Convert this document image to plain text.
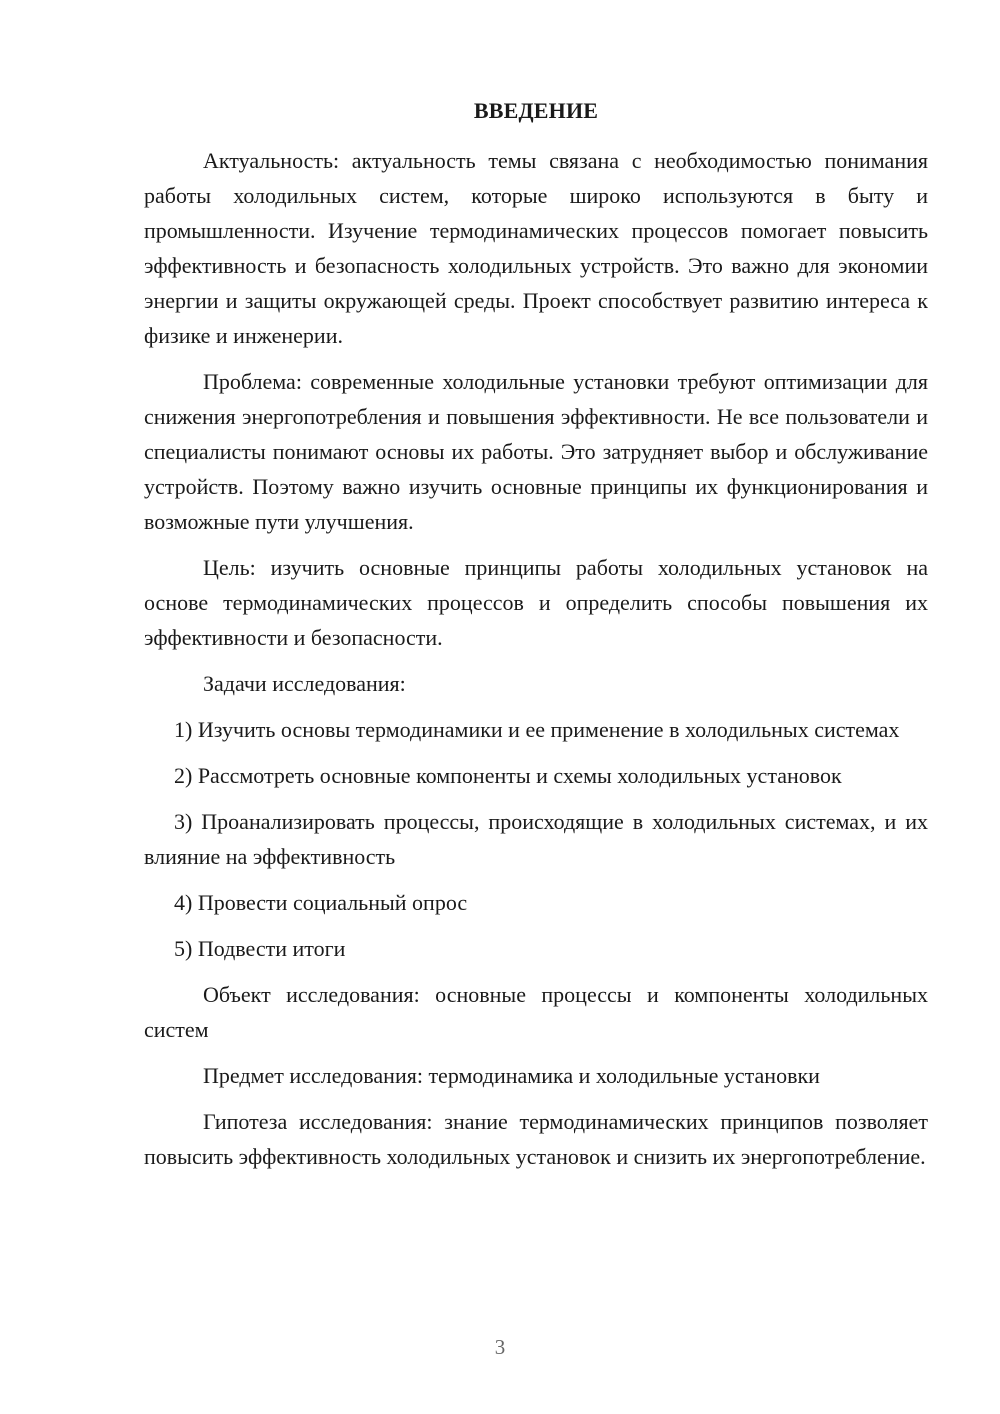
ВВЕДЕНИЕ

Актуальность: актуальность темы связана с необходимостью понимания работы холодильных систем, которые широко используются в быту и промышленности. Изучение термодинамических процессов помогает повысить эффективность и безопасность холодильных устройств. Это важно для экономии энергии и защиты окружающей среды. Проект способствует развитию интереса к физике и инженерии.

Проблема: современные холодильные установки требуют оптимизации для снижения энергопотребления и повышения эффективности. Не все пользователи и специалисты понимают основы их работы. Это затрудняет выбор и обслуживание устройств. Поэтому важно изучить основные принципы их функционирования и возможные пути улучшения.

Цель: изучить основные принципы работы холодильных установок на основе термодинамических процессов и определить способы повышения их эффективности и безопасности.

Задачи исследования:

1) Изучить основы термодинамики и ее применение в холодильных системах

2) Рассмотреть основные компоненты и схемы холодильных установок

3) Проанализировать процессы, происходящие в холодильных системах, и их влияние на эффективность

4) Провести социальный опрос

5) Подвести итоги

Объект исследования: основные процессы и компоненты холодильных систем

Предмет исследования: термодинамика и холодильные установки

Гипотеза исследования: знание термодинамических принципов позволяет повысить эффективность холодильных установок и снизить их энергопотребление.

3
